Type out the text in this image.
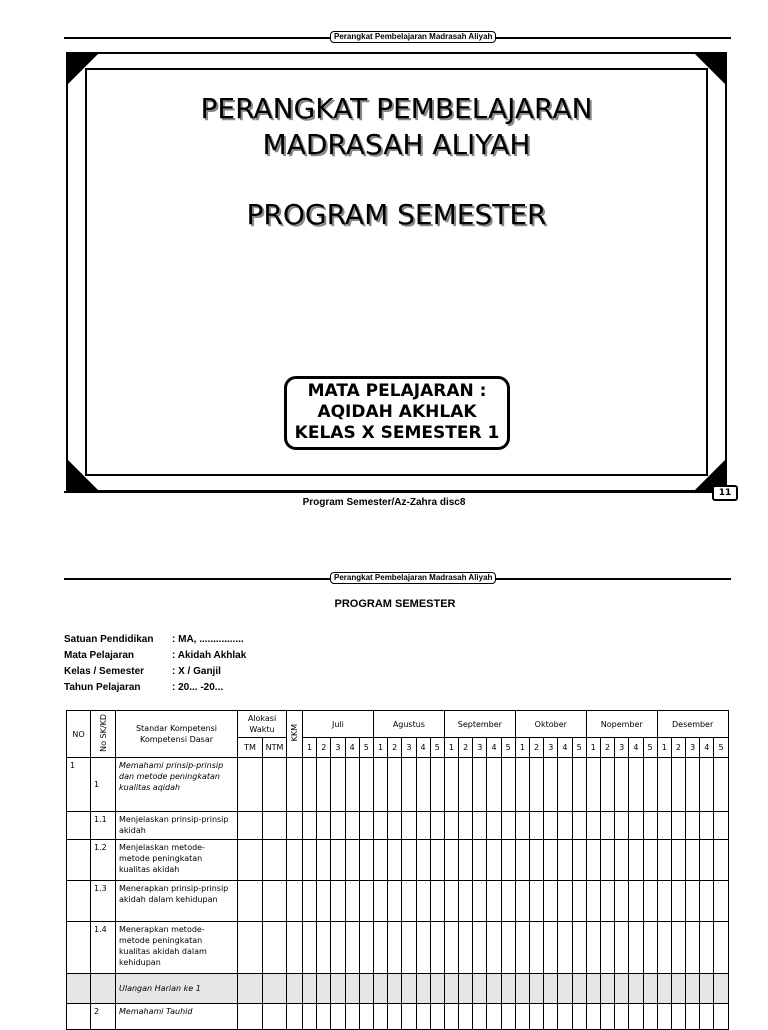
Perangkat Pembelajaran Madrasah Aliyah
PERANGKAT PEMBELAJARAN
MADRASAH ALIYAH
PROGRAM SEMESTER
MATA PELAJARAN :
AQIDAH AKHLAK
KELAS X SEMESTER 1
11
Program Semester/Az-Zahra disc8
Perangkat Pembelajaran Madrasah Aliyah
PROGRAM SEMESTER
Satuan Pendidikan : MA, ................
Mata Pelajaran	: Akidah Akhlak
Kelas / Semester	: X / Ganjil
Tahun Pelajaran	: 20... -20...
NO	No SK/KD	Standar Kompetensi Kompetensi Dasar	Alokasi Waktu		KKM	Juli					Agustus					September					Oktober					Nopember					Desember				
			TM	NTM		1	2	3	4	5	1	2	3	4	5	1	2	3	4	5	1	2	3	4	5	1	2	3	4	5	1	2	3	4	5
1	1	Memahami prinsip-prinsip dan metode peningkatan kualitas aqidah																																	
	1.1	Menjelaskan prinsip-prinsip akidah																																	
	1.2	Menjelaskan metode-metode peningkatan kualitas akidah																																	
	1.3	Menerapkan prinsip-prinsip akidah dalam kehidupan																																	
	1.4	Menerapkan metode-metode peningkatan kualitas akidah dalam kehidupan																																	
		Ulangan Harian ke 1																																	
	2	Memahami Tauhid																																	
